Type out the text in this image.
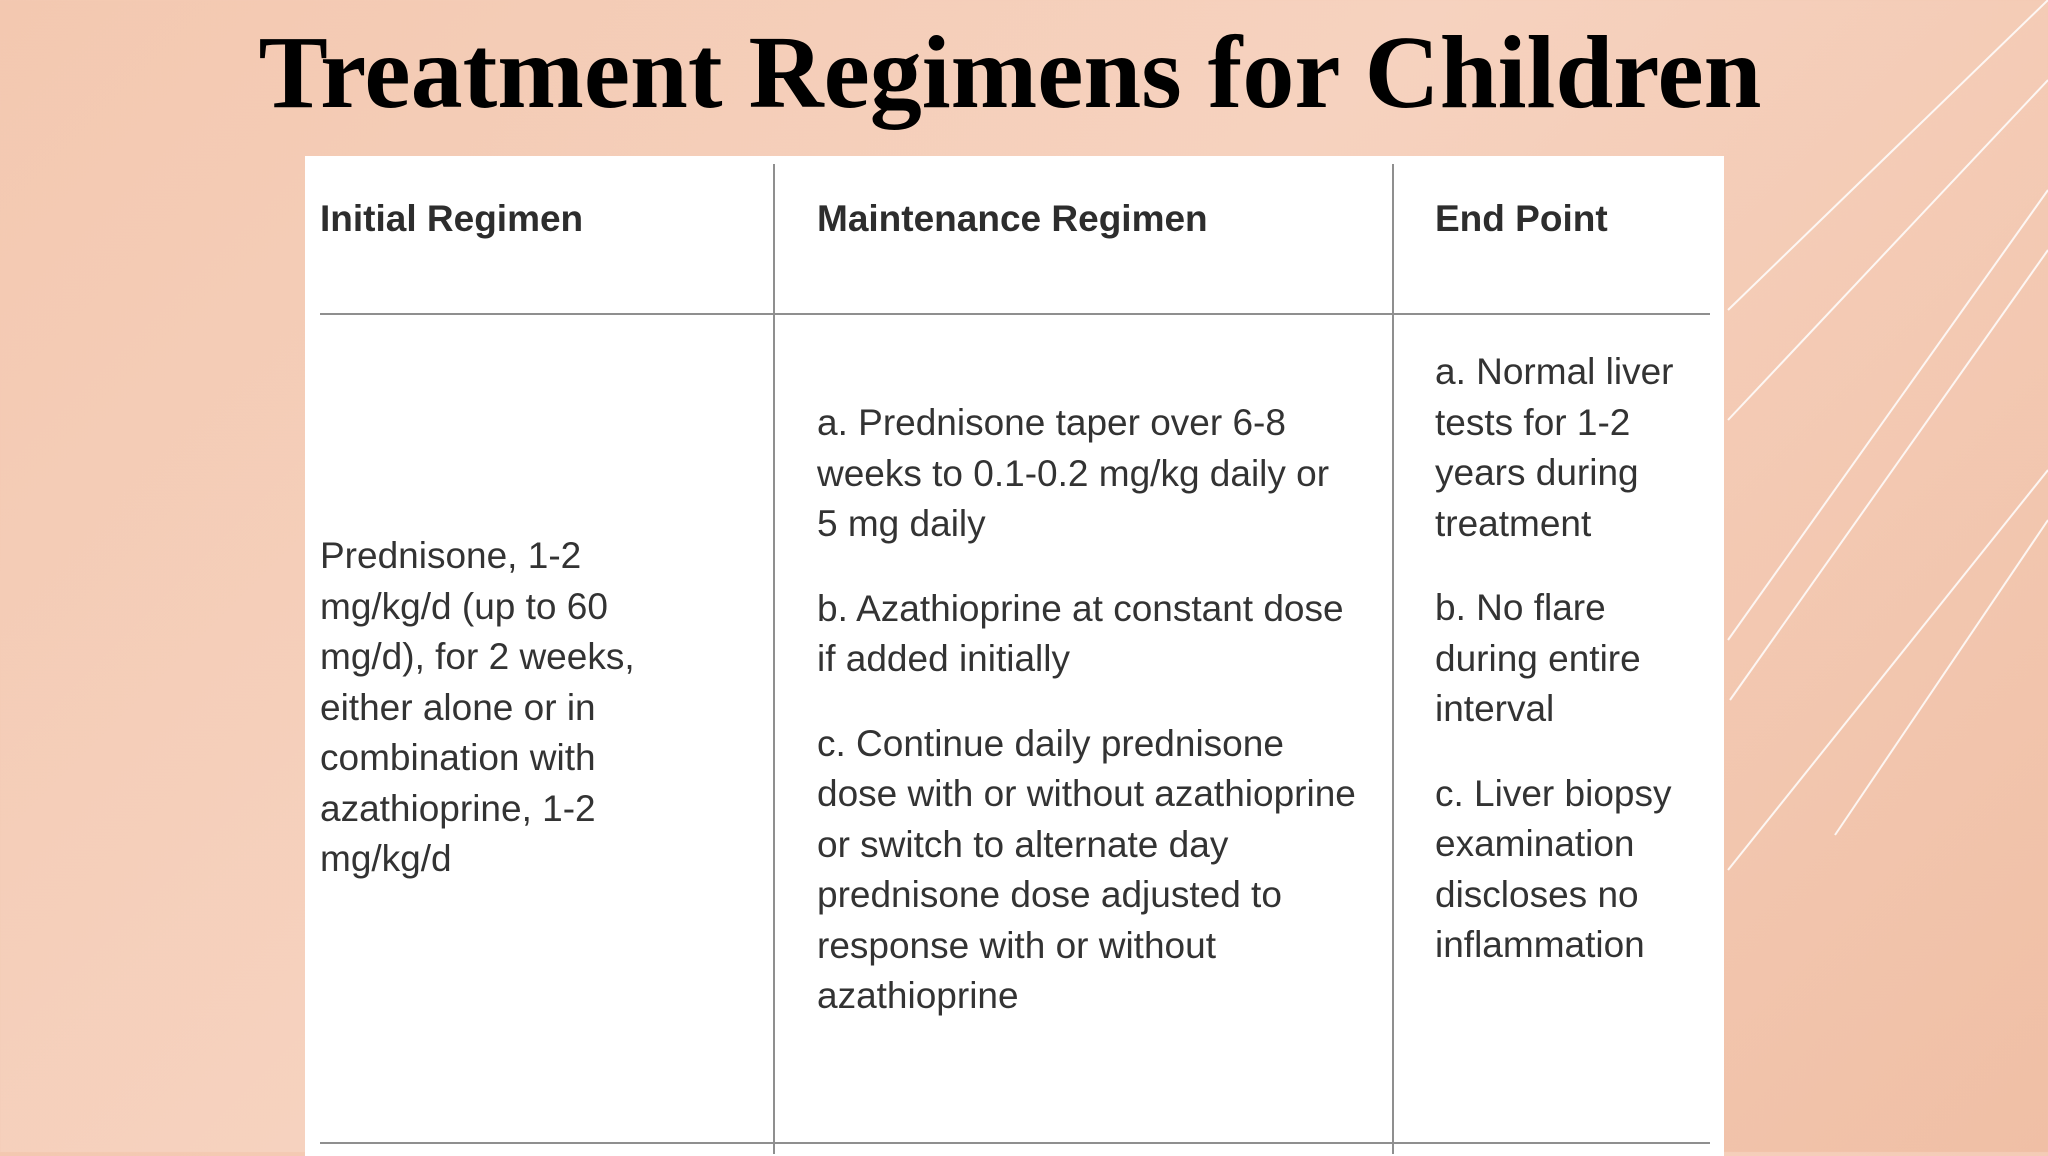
Treatment Regimens for Children
Initial Regimen	Maintenance Regimen	End Point

Prednisone, 1-2 mg/kg/d (up to 60 mg/d), for 2 weeks, either alone or in combination with azathioprine, 1-2 mg/kg/d

a. Prednisone taper over 6-8 weeks to 0.1-0.2 mg/kg daily or 5 mg daily

b. Azathioprine at constant dose if added initially

c. Continue daily prednisone dose with or without azathioprine or switch to alternate day prednisone dose adjusted to response with or without azathioprine

a. Normal liver tests for 1-2 years during treatment

b. No flare during entire interval

c. Liver biopsy examination discloses no inflammation
